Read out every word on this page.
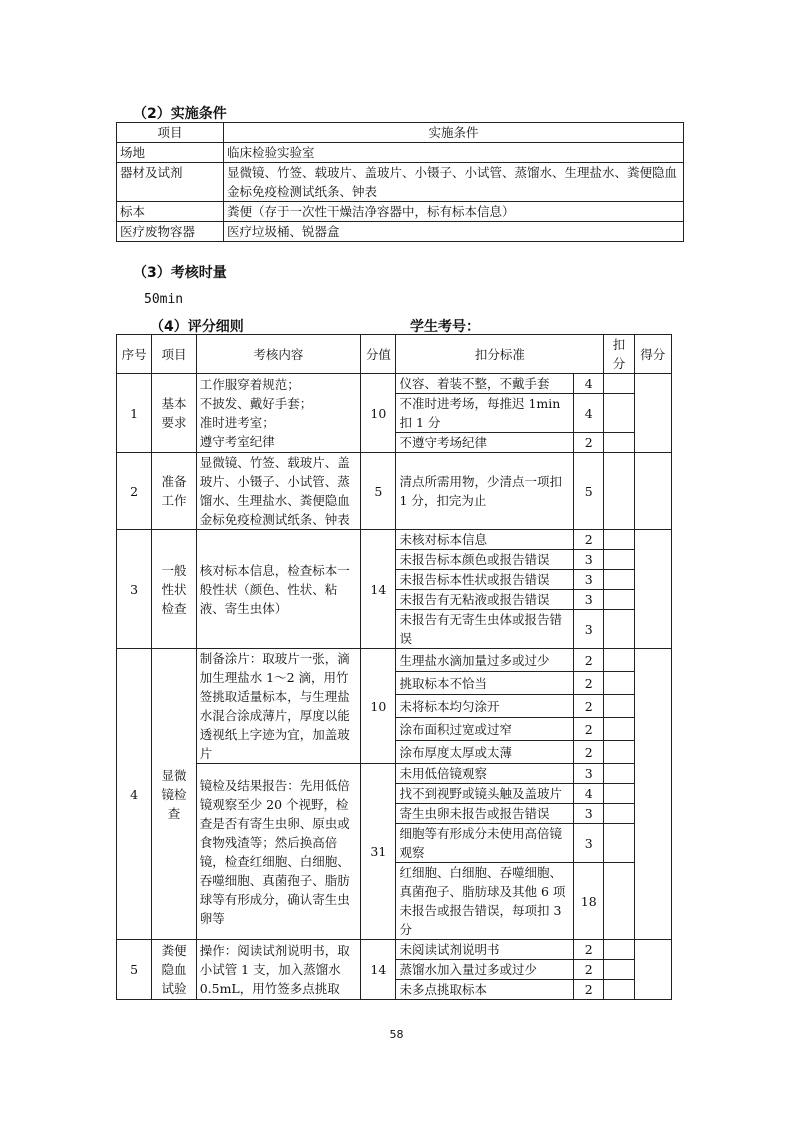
（2）实施条件
项目	实施条件
场地	临床检验实验室
器材及试剂	显微镜、竹签、载玻片、盖玻片、小镊子、小试管、蒸馏水、生理盐水、粪便隐血金标免疫检测试纸条、钟表
标本	粪便（存于一次性干燥洁净容器中，标有标本信息）
医疗废物容器	医疗垃圾桶、锐器盒
（3）考核时量
50min
（4）评分细则	学生考号：
序号	项目	考核内容	分值	扣分标准		扣分	得分
1	基本要求	工作服穿着规范；
不披发、戴好手套；
准时进考室；
遵守考室纪律	10	仪容、着装不整，不戴手套	4		
				不准时进考场，每推迟 1min 扣 1 分	4		
				不遵守考场纪律	2		
2	准备工作	显微镜、竹签、载玻片、盖玻片、小镊子、小试管、蒸馏水、生理盐水、粪便隐血金标免疫检测试纸条、钟表	5	清点所需用物，少清点一项扣 1 分，扣完为止	5		
3	一般性状检查	核对标本信息，检查标本一般性状（颜色、性状、粘液、寄生虫体）	14	未核对标本信息	2		
				未报告标本颜色或报告错误	3		
				未报告标本性状或报告错误	3		
				未报告有无粘液或报告错误	3		
				未报告有无寄生虫体或报告错误	3		
4	显微镜检查	制备涂片：取玻片一张，滴加生理盐水 1～2 滴，用竹签挑取适量标本，与生理盐水混合涂成薄片，厚度以能透视纸上字迹为宜，加盖玻片	10	生理盐水滴加量过多或过少	2		
				挑取标本不恰当	2		
				未将标本均匀涂开	2		
				涂布面积过宽或过窄	2		
				涂布厚度太厚或太薄	2		
		镜检及结果报告：先用低倍镜观察至少 20 个视野，检查是否有寄生虫卵、原虫或食物残渣等；然后换高倍镜，检查红细胞、白细胞、吞噬细胞、真菌孢子、脂肪球等有形成分，确认寄生虫卵等	31	未用低倍镜观察	3		
				找不到视野或镜头触及盖玻片	4		
				寄生虫卵未报告或报告错误	3		
				细胞等有形成分未使用高倍镜观察	3		
				红细胞、白细胞、吞噬细胞、真菌孢子、脂肪球及其他 6 项未报告或报告错误，每项扣 3 分	18		
5	粪便隐血试验	操作：阅读试剂说明书，取小试管 1 支，加入蒸馏水 0.5mL，用竹签多点挑取	14	未阅读试剂说明书	2		
				蒸馏水加入量过多或过少	2		
				未多点挑取标本	2		
58
